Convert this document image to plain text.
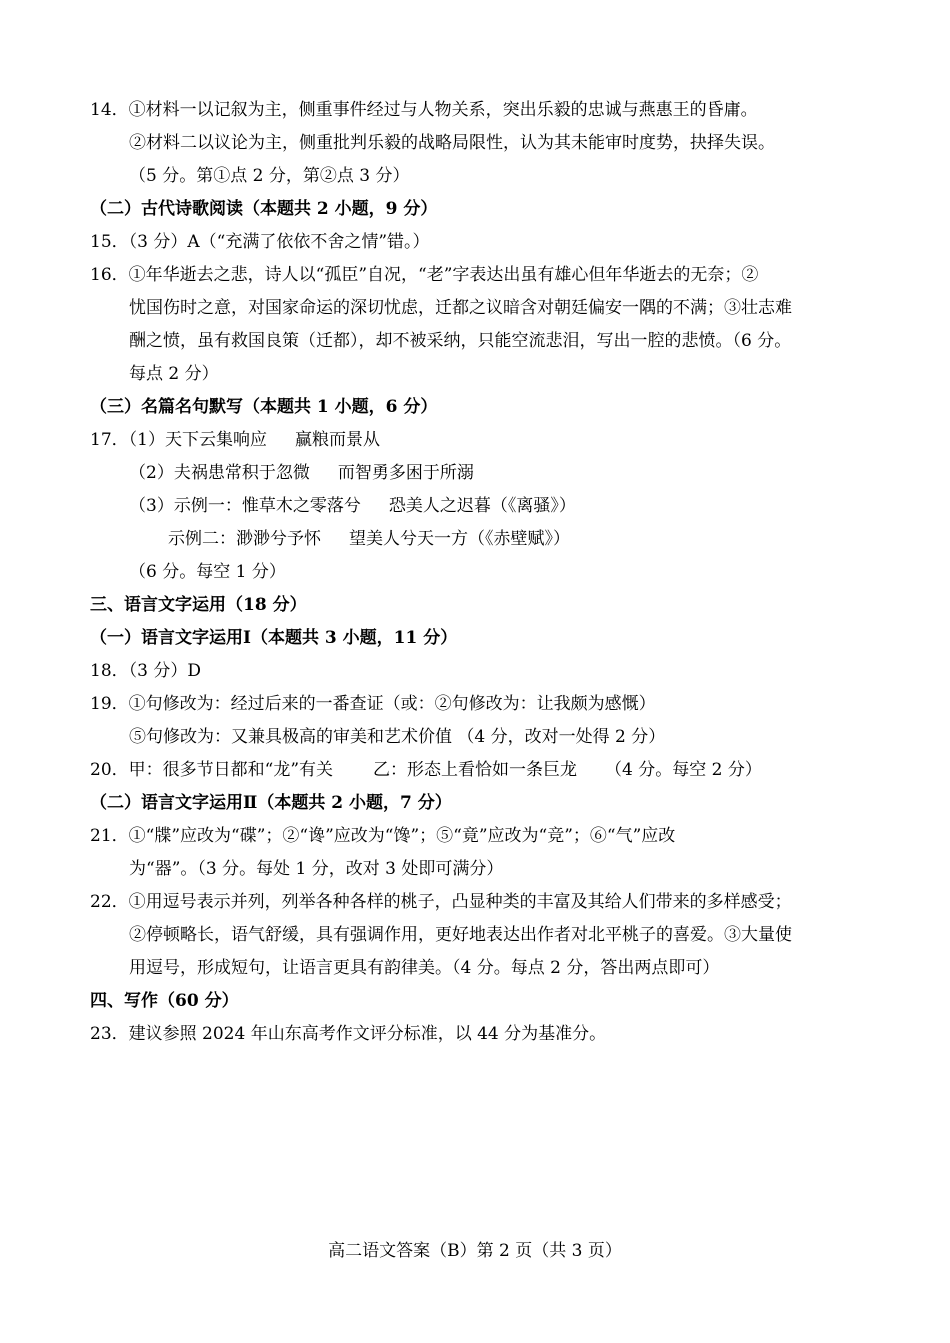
14．①材料一以记叙为主，侧重事件经过与人物关系，突出乐毅的忠诚与燕惠王的昏庸。
②材料二以议论为主，侧重批判乐毅的战略局限性，认为其未能审时度势，抉择失误。
（5 分。第①点 2 分，第②点 3 分）
（二）古代诗歌阅读（本题共 2 小题，9 分）
15．（3 分）A（“充满了依依不舍之情”错。）
16．①年华逝去之悲，诗人以“孤臣”自况，“老”字表达出虽有雄心但年华逝去的无奈；②
忧国伤时之意，对国家命运的深切忧虑，迁都之议暗含对朝廷偏安一隅的不满；③壮志难
酬之愤，虽有救国良策（迁都），却不被采纳，只能空流悲泪，写出一腔的悲愤。（6 分。
每点 2 分）
（三）名篇名句默写（本题共 1 小题，6 分）
17．（1）天下云集响应 赢粮而景从
（2）夫祸患常积于忽微 而智勇多困于所溺
（3）示例一：惟草木之零落兮 恐美人之迟暮（《离骚》）
示例二：渺渺兮予怀 望美人兮天一方（《赤壁赋》）
（6 分。每空 1 分）
三、语言文字运用（18 分）
（一）语言文字运用Ⅰ（本题共 3 小题，11 分）
18．（3 分）D
19．①句修改为：经过后来的一番查证（或：②句修改为：让我颇为感慨）
⑤句修改为：又兼具极高的审美和艺术价值 （4 分，改对一处得 2 分）
20．甲：很多节日都和“龙”有关 乙：形态上看恰如一条巨龙 （4 分。每空 2 分）
（二）语言文字运用Ⅱ（本题共 2 小题，7 分）
21．①“牒”应改为“碟”；②“谗”应改为“馋”；⑤“竟”应改为“竞”；⑥“气”应改
为“器”。（3 分。每处 1 分，改对 3 处即可满分）
22．①用逗号表示并列，列举各种各样的桃子，凸显种类的丰富及其给人们带来的多样感受；
②停顿略长，语气舒缓，具有强调作用，更好地表达出作者对北平桃子的喜爱。③大量使
用逗号，形成短句，让语言更具有韵律美。（4 分。每点 2 分，答出两点即可）
四、写作（60 分）
23．建议参照 2024 年山东高考作文评分标准，以 44 分为基准分。
高二语文答案（B）第 2 页（共 3 页）
